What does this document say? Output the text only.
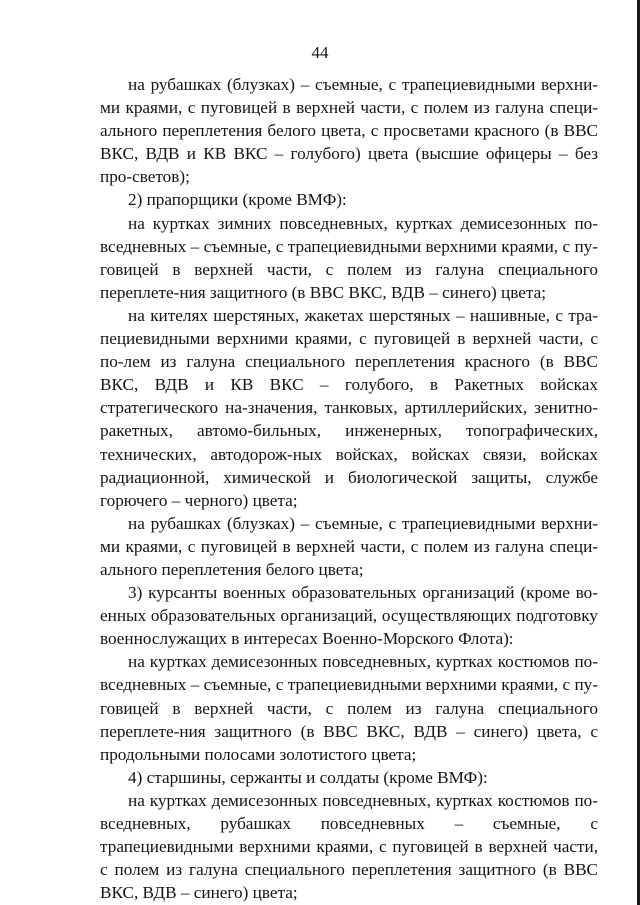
44

на рубашках (блузках) – съемные, с трапециевидными верхни-ми краями, с пуговицей в верхней части, с полем из галуна специ-ального переплетения белого цвета, с просветами красного (в ВВС ВКС, ВДВ и КВ ВКС – голубого) цвета (высшие офицеры – без про-светов);

2) прапорщики (кроме ВМФ):

на куртках зимних повседневных, куртках демисезонных по-вседневных – съемные, с трапециевидными верхними краями, с пу-говицей в верхней части, с полем из галуна специального переплете-ния защитного (в ВВС ВКС, ВДВ – синего) цвета;

на кителях шерстяных, жакетах шерстяных – нашивные, с тра-пециевидными верхними краями, с пуговицей в верхней части, с по-лем из галуна специального переплетения красного (в ВВС ВКС, ВДВ и КВ ВКС – голубого, в Ракетных войсках стратегического на-значения, танковых, артиллерийских, зенитно-ракетных, автомо-бильных, инженерных, топографических, технических, автодорож-ных войсках, войсках связи, войсках радиационной, химической и биологической защиты, службе горючего – черного) цвета;

на рубашках (блузках) – съемные, с трапециевидными верхни-ми краями, с пуговицей в верхней части, с полем из галуна специ-ального переплетения белого цвета;

3) курсанты военных образовательных организаций (кроме во-енных образовательных организаций, осуществляющих подготовку военнослужащих в интересах Военно-Морского Флота):

на куртках демисезонных повседневных, куртках костюмов по-вседневных – съемные, с трапециевидными верхними краями, с пу-говицей в верхней части, с полем из галуна специального переплете-ния защитного (в ВВС ВКС, ВДВ – синего) цвета, с продольными полосами золотистого цвета;

4) старшины, сержанты и солдаты (кроме ВМФ):

на куртках демисезонных повседневных, куртках костюмов по-вседневных, рубашках повседневных – съемные, с трапециевидными верхними краями, с пуговицей в верхней части, с полем из галуна специального переплетения защитного (в ВВС ВКС, ВДВ – синего) цвета;
